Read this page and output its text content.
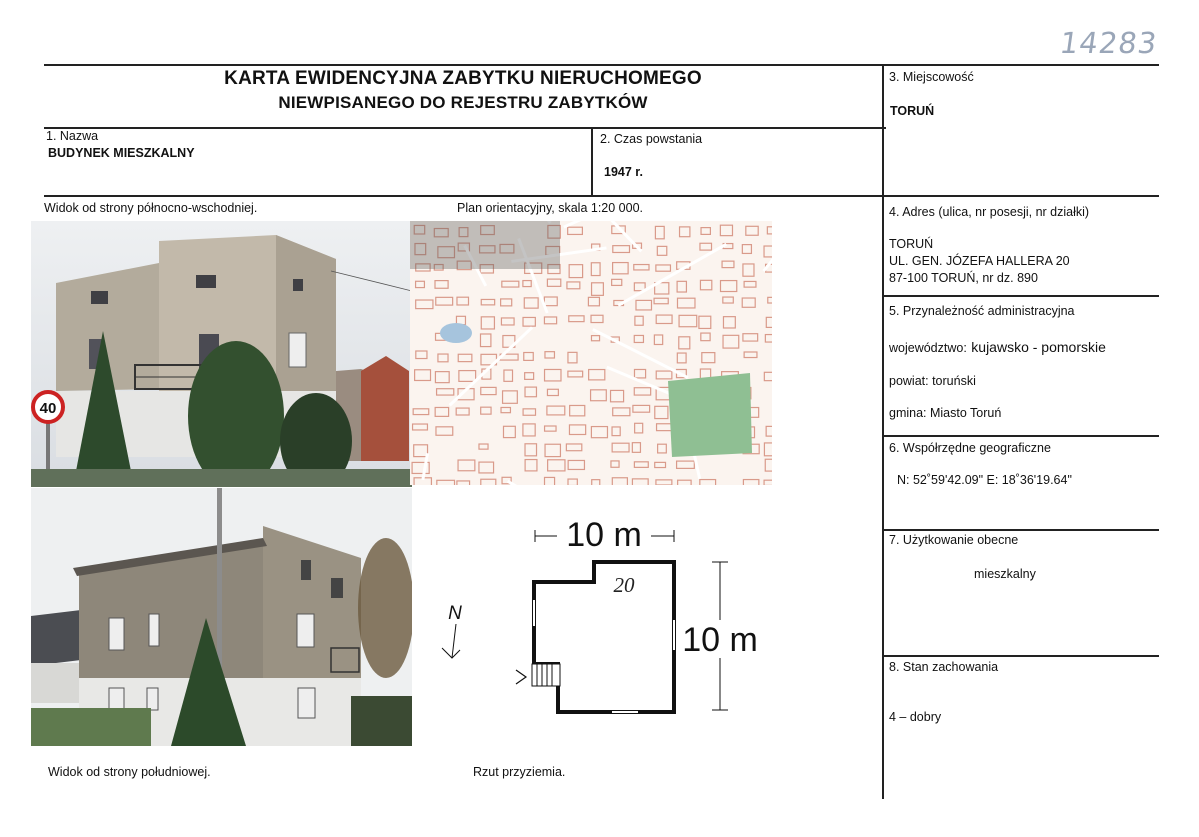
14283
KARTA EWIDENCYJNA ZABYTKU NIERUCHOMEGO
NIEWPISANEGO DO REJESTRU ZABYTKÓW
1. Nazwa
BUDYNEK MIESZKALNY
2. Czas powstania
1947 r.
3. Miejscowość
TORUŃ
4. Adres (ulica, nr posesji, nr działki)
TORUŃ
UL. GEN. JÓZEFA HALLERA 20
87-100 TORUŃ, nr dz. 890
5. Przynależność administracyjna
województwo: kujawsko - pomorskie
powiat: toruński
gmina: Miasto Toruń
6. Współrzędne geograficzne
N: 52˚59'42.09" E: 18˚36'19.64"
7. Użytkowanie obecne
mieszkalny
8. Stan zachowania
4 – dobry
Widok od strony północno-wschodniej.	Plan orientacyjny, skala 1:20 000.
Widok od strony południowej.	Rzut przyziemia.
40
10 m
10 m
20
N
